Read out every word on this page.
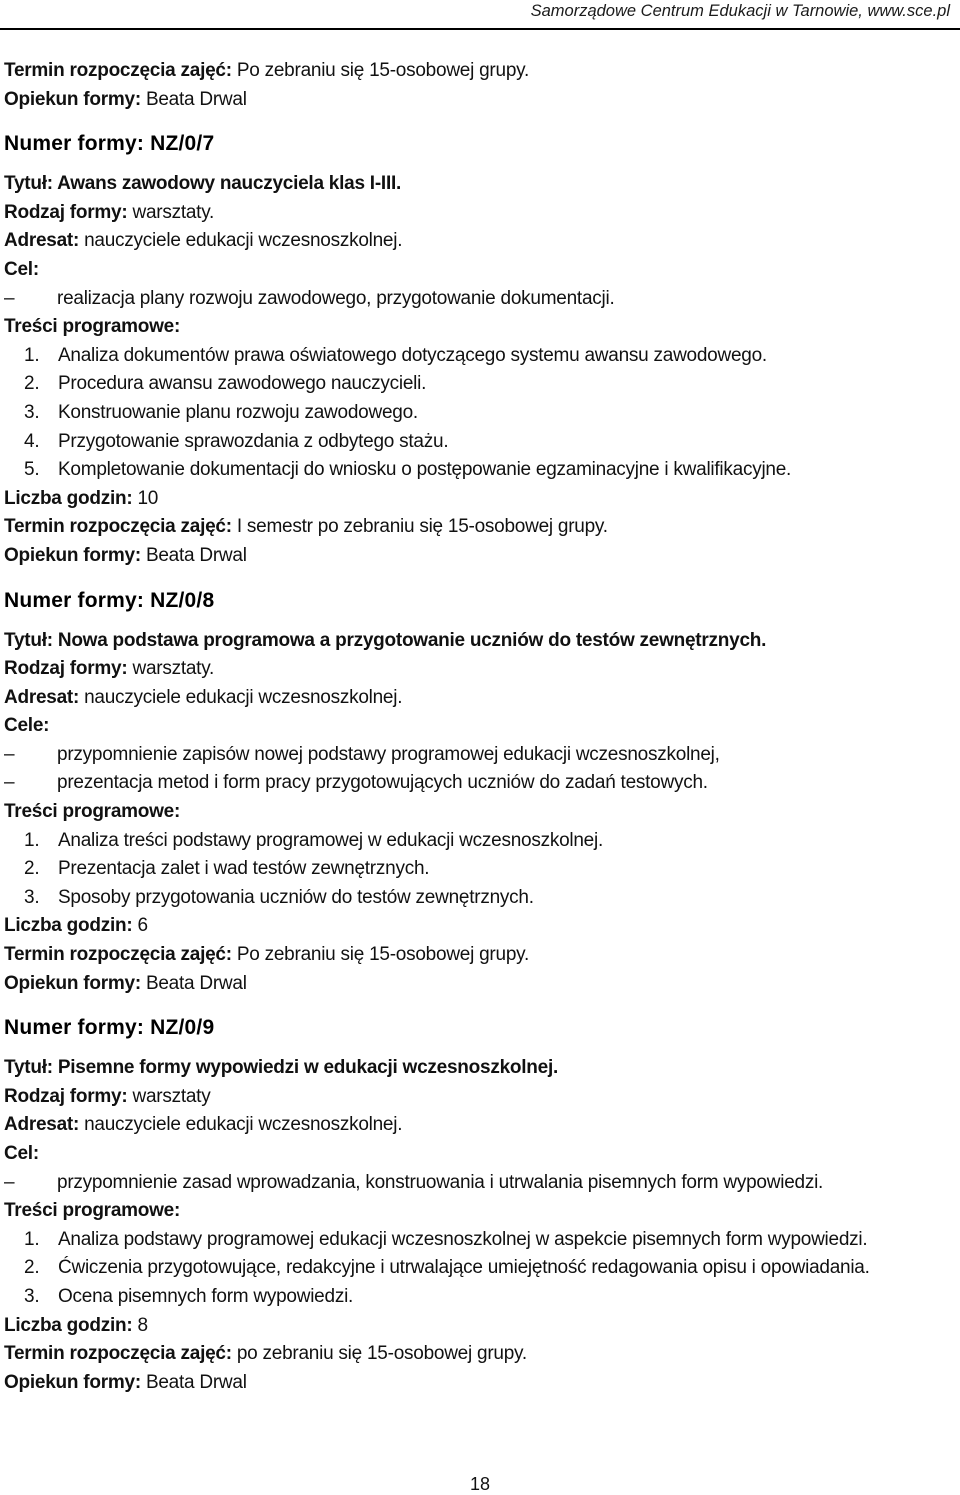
Samorządowe Centrum Edukacji w Tarnowie, www.sce.pl
Termin rozpoczęcia zajęć: Po zebraniu się 15-osobowej grupy.
Opiekun formy: Beata Drwal
Numer formy: NZ/0/7
Tytuł: Awans zawodowy nauczyciela klas I-III.
Rodzaj formy: warsztaty.
Adresat: nauczyciele edukacji wczesnoszkolnej.
Cel:
– realizacja plany rozwoju zawodowego, przygotowanie dokumentacji.
Treści programowe:
1. Analiza dokumentów prawa oświatowego dotyczącego systemu awansu zawodowego.
2. Procedura awansu zawodowego nauczycieli.
3. Konstruowanie planu rozwoju zawodowego.
4. Przygotowanie sprawozdania z odbytego stażu.
5. Kompletowanie dokumentacji do wniosku o postępowanie egzaminacyjne i kwalifikacyjne.
Liczba godzin: 10
Termin rozpoczęcia zajęć: I semestr po zebraniu się 15-osobowej grupy.
Opiekun formy: Beata Drwal
Numer formy: NZ/0/8
Tytuł: Nowa podstawa programowa a przygotowanie uczniów do testów zewnętrznych.
Rodzaj formy: warsztaty.
Adresat: nauczyciele edukacji wczesnoszkolnej.
Cele:
– przypomnienie zapisów nowej podstawy programowej edukacji wczesnoszkolnej,
– prezentacja metod i form pracy przygotowujących uczniów do zadań testowych.
Treści programowe:
1. Analiza treści podstawy programowej w edukacji wczesnoszkolnej.
2. Prezentacja zalet i wad testów zewnętrznych.
3. Sposoby przygotowania uczniów do testów zewnętrznych.
Liczba godzin: 6
Termin rozpoczęcia zajęć: Po zebraniu się 15-osobowej grupy.
Opiekun formy: Beata Drwal
Numer formy: NZ/0/9
Tytuł: Pisemne formy wypowiedzi w edukacji wczesnoszkolnej.
Rodzaj formy: warsztaty
Adresat: nauczyciele edukacji wczesnoszkolnej.
Cel:
– przypomnienie zasad wprowadzania, konstruowania i utrwalania pisemnych form wypowiedzi.
Treści programowe:
1. Analiza podstawy programowej edukacji wczesnoszkolnej w aspekcie pisemnych form wypowiedzi.
2. Ćwiczenia przygotowujące, redakcyjne i utrwalające umiejętność redagowania opisu i opowiadania.
3. Ocena pisemnych form wypowiedzi.
Liczba godzin: 8
Termin rozpoczęcia zajęć: po zebraniu się 15-osobowej grupy.
Opiekun formy: Beata Drwal
18
